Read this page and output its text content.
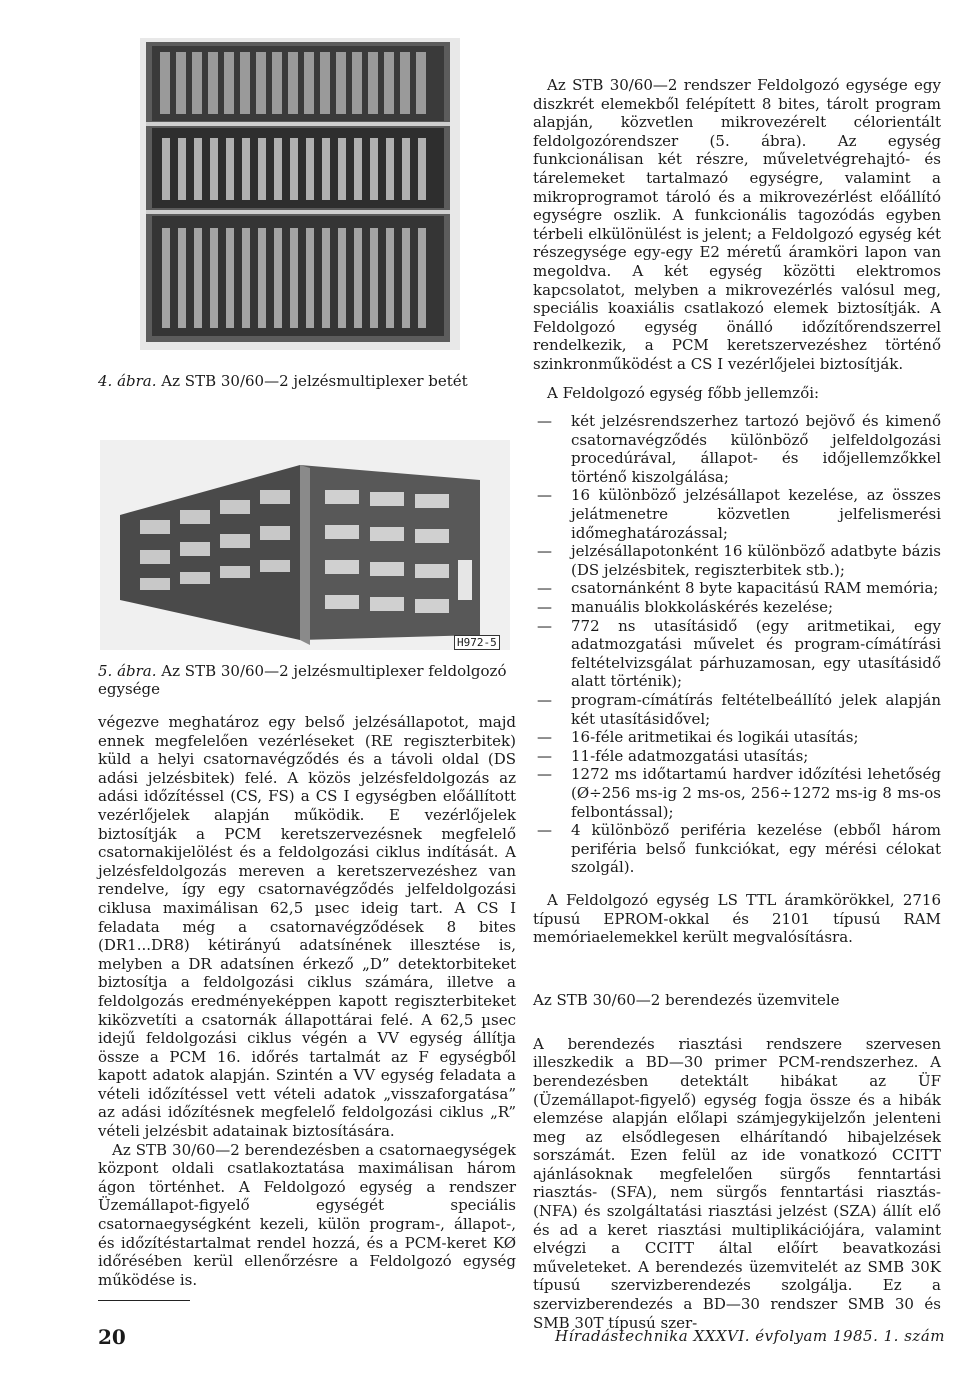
4. ábra. Az STB 30/60—2 jelzésmultiplexer betét
H972-5
5. ábra. Az STB 30/60—2 jelzésmultiplexer feldolgozó egysége

végezve meghatároz egy belső jelzésállapotot, majd ennek megfelelően vezérléseket (RE regiszterbitek) küld a helyi csatornavégződés és a távoli oldal (DS adási jelzésbitek) felé. A közös jelzésfeldolgozás az adási időzítéssel (CS, FS) a CS I egységben előállított vezérlőjelek alapján működik. E vezérlőjelek biztosítják a PCM keretszervezésnek megfelelő csatornakijelölést és a feldolgozási ciklus indítását. A jelzésfeldolgozás mereven a keretszervezéshez van rendelve, így egy csatornavégződés jelfeldolgozási ciklusa maximálisan 62,5 µsec ideig tart. A CS I feladata még a csatornavégződések 8 bites (DR1...DR8) kétirányú adatsínének illesztése is, melyben a DR adatsínen érkező „D” detektorbiteket biztosítja a feldolgozási ciklus számára, illetve a feldolgozás eredményeképpen kapott regiszterbiteket kiközvetíti a csatornák állapottárai felé. A 62,5 µsec idejű feldolgozási ciklus végén a VV egység állítja össze a PCM 16. időrés tartalmát az F egységből kapott adatok alapján. Szintén a VV egység feladata a vételi időzítéssel vett vételi adatok „visszaforgatása” az adási időzítésnek megfelelő feldolgozási ciklus „R” vételi jelzésbit adatainak biztosítására.

Az STB 30/60—2 berendezésben a csatornaegységek központ oldali csatlakoztatása maximálisan három ágon történhet. A Feldolgozó egység a rendszer Üzemállapot-figyelő egységét speciális csatornaegységként kezeli, külön program-, állapot-, és időzítéstartalmat rendel hozzá, és a PCM-keret KØ időrésében kerül ellenőrzésre a Feldolgozó egység működése is.

Az STB 30/60—2 rendszer Feldolgozó egysége egy diszkrét elemekből felépített 8 bites, tárolt program alapján, közvetlen mikrovezérelt célorientált feldolgozórendszer (5. ábra). Az egység funkcionálisan két részre, műveletvégrehajtó- és tárelemeket tartalmazó egységre, valamint a mikroprogramot tároló és a mikrovezérlést előállító egységre oszlik. A funkcionális tagozódás egyben térbeli elkülönülést is jelent; a Feldolgozó egység két részegysége egy-egy E2 méretű áramköri lapon van megoldva. A két egység közötti elektromos kapcsolatot, melyben a mikrovezérlés valósul meg, speciális koaxiális csatlakozó elemek biztosítják. A Feldolgozó egység önálló időzítőrendszerrel rendelkezik, a PCM keretszervezéshez történő szinkronműködést a CS I vezérlőjelei biztosítják.

A Feldolgozó egység főbb jellemzői:

— két jelzésrendszerhez tartozó bejövő és kimenő csatornavégződés különböző jelfeldolgozási procedúrával, állapot- és időjellemzőkkel történő kiszolgálása;
— 16 különböző jelzésállapot kezelése, az összes jelátmenetre közvetlen jelfelismerési időmeghatározással;
— jelzésállapotonként 16 különböző adatbyte bázis (DS jelzésbitek, regiszterbitek stb.);
— csatornánként 8 byte kapacitású RAM memória;
— manuális blokkoláskérés kezelése;
— 772 ns utasításidő (egy aritmetikai, egy adatmozgatási művelet és program-címátírási feltételvizsgálat párhuzamosan, egy utasításidő alatt történik);
— program-címátírás feltételbeállító jelek alapján két utasításidővel;
— 16-féle aritmetikai és logikái utasítás;
— 11-féle adatmozgatási utasítás;
— 1272 ms időtartamú hardver időzítési lehetőség (Ø÷256 ms-ig 2 ms-os, 256÷1272 ms-ig 8 ms-os felbontással);
— 4 különböző periféria kezelése (ebből három periféria belső funkciókat, egy mérési célokat szolgál).

A Feldolgozó egység LS TTL áramkörökkel, 2716 típusú EPROM-okkal és 2101 típusú RAM memóriaelemekkel került megvalósításra.

Az STB 30/60—2 berendezés üzemvitele

A berendezés riasztási rendszere szervesen illeszkedik a BD—30 primer PCM-rendszerhez. A berendezésben detektált hibákat az ÜF (Üzemállapot-figyelő) egység fogja össze és a hibák elemzése alapján előlapi számjegykijelzőn jelenteni meg az elsődlegesen elhárítandó hibajelzések sorszámát. Ezen felül az ide vonatkozó CCITT ajánlásoknak megfelelően sürgős fenntartási riasztás- (SFA), nem sürgős fenntartási riasztás- (NFA) és szolgáltatási riasztási jelzést (SZA) állít elő és ad a keret riasztási multiplikációjára, valamint elvégzi a CCITT által előírt beavatkozási műveleteket. A berendezés üzemvitelét az SMB 30K típusú szervizberendezés szolgálja. Ez a szervizberendezés a BD—30 rendszer SMB 30 és SMB 30T típusú szer-

20	Híradástechnika XXXVI. évfolyam 1985. 1. szám
